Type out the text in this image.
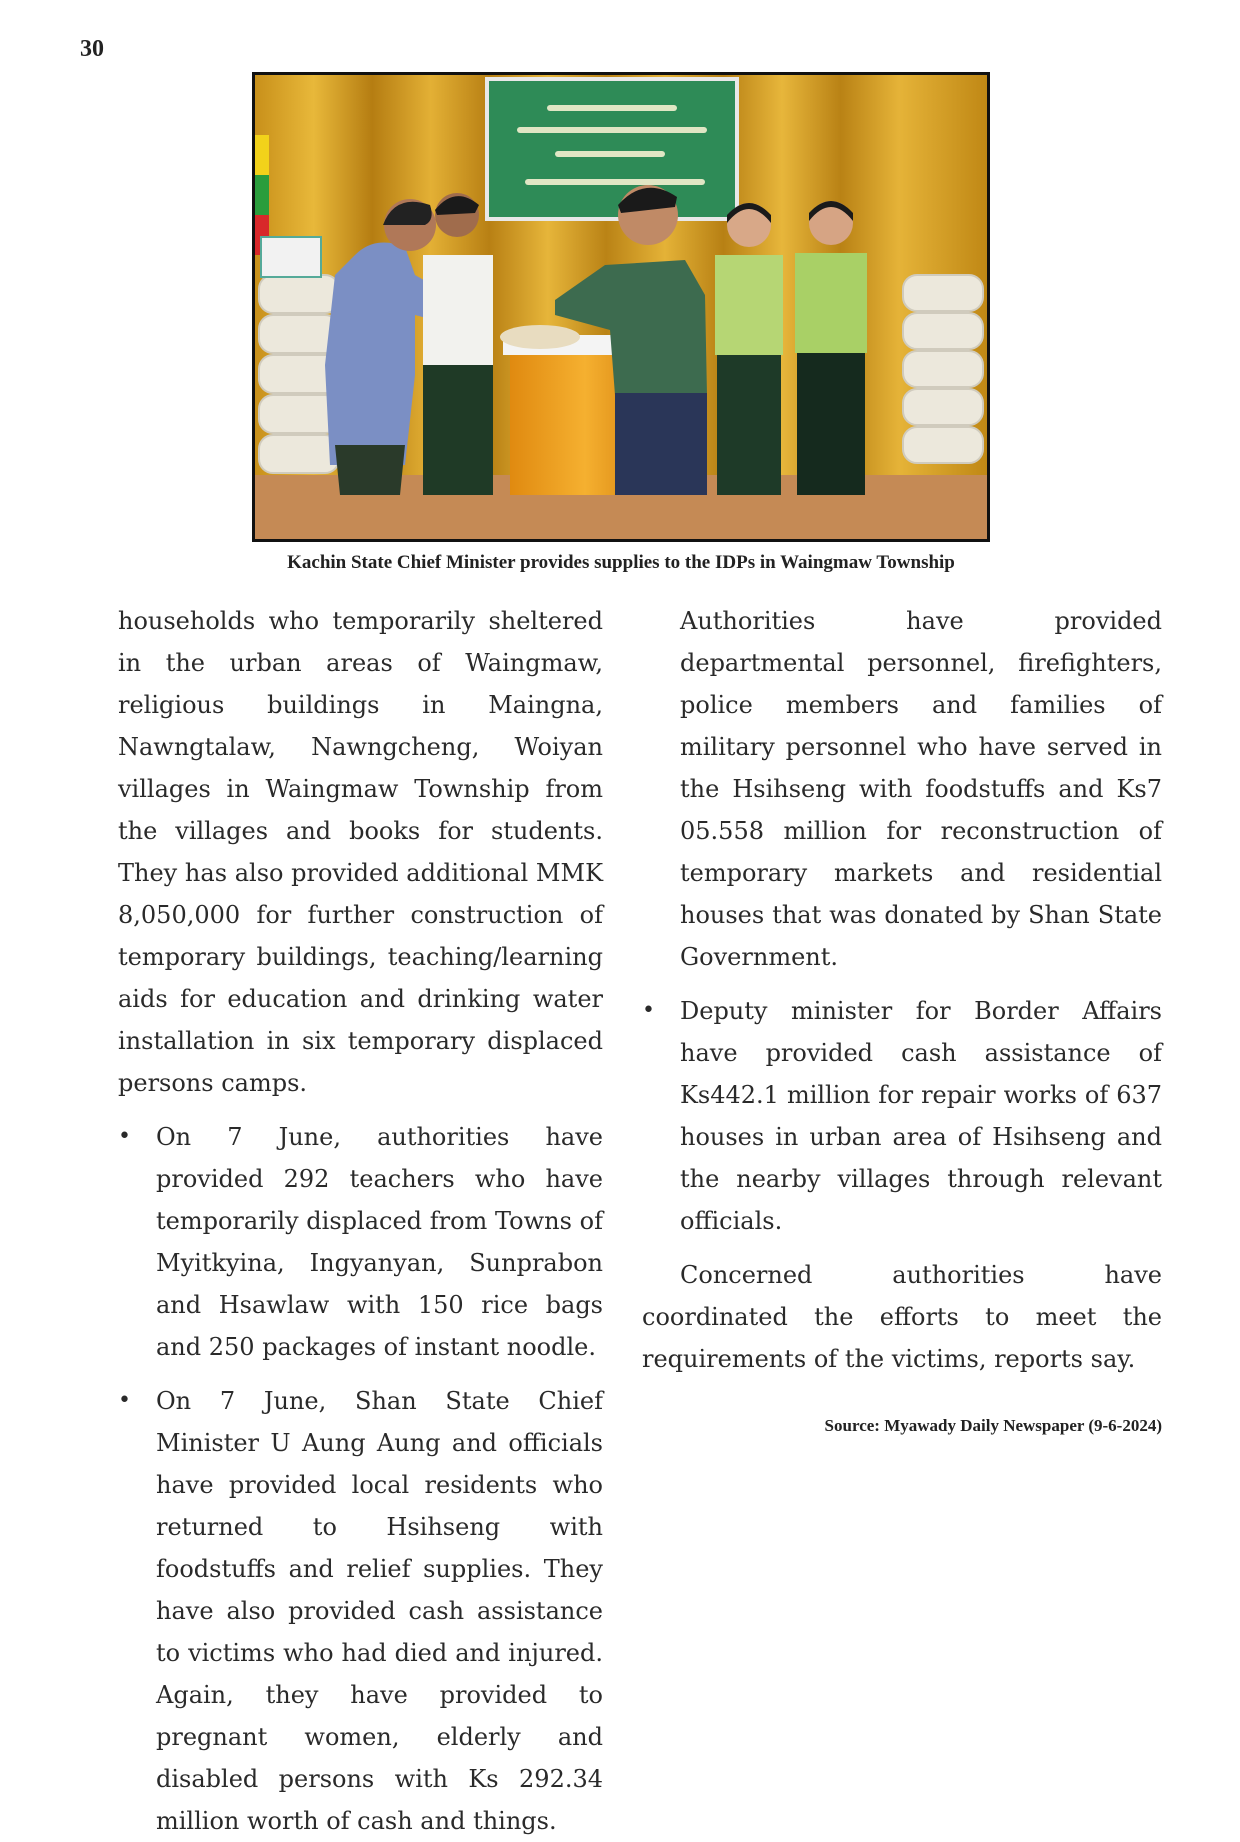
30
Kachin State Chief Minister provides supplies to the IDPs in Waingmaw Township

households who temporarily sheltered in the urban areas of Waingmaw, religious buildings in Maingna, Nawngtalaw, Nawngcheng, Woiyan villages in Waingmaw Township from the villages and books for students. They has also provided additional MMK 8,050,000 for further construction of temporary buildings, teaching/learning aids for education and drinking water installation in six temporary displaced persons camps.

• On 7 June, authorities have provided 292 teachers who have temporarily displaced from Towns of Myitkyina, Ingyanyan, Sunprabon and Hsawlaw with 150 rice bags and 250 packages of instant noodle.
• On 7 June, Shan State Chief Minister U Aung Aung and officials have provided local residents who returned to Hsihseng with foodstuffs and relief supplies. They have also provided cash assistance to victims who had died and injured. Again, they have provided to pregnant women, elderly and disabled persons with Ks 292.34 million worth of cash and things.

Authorities have provided departmental personnel, firefighters, police members and families of military personnel who have served in the Hsihseng with foodstuffs and Ks7 05.558 million for reconstruction of temporary markets and residential houses that was donated by Shan State Government.

• Deputy minister for Border Affairs have provided cash assistance of Ks442.1 million for repair works of 637 houses in urban area of Hsihseng and the nearby villages through relevant officials.

Concerned authorities have coordinated the efforts to meet the requirements of the victims, reports say.

Source: Myawady Daily Newspaper (9-6-2024)
